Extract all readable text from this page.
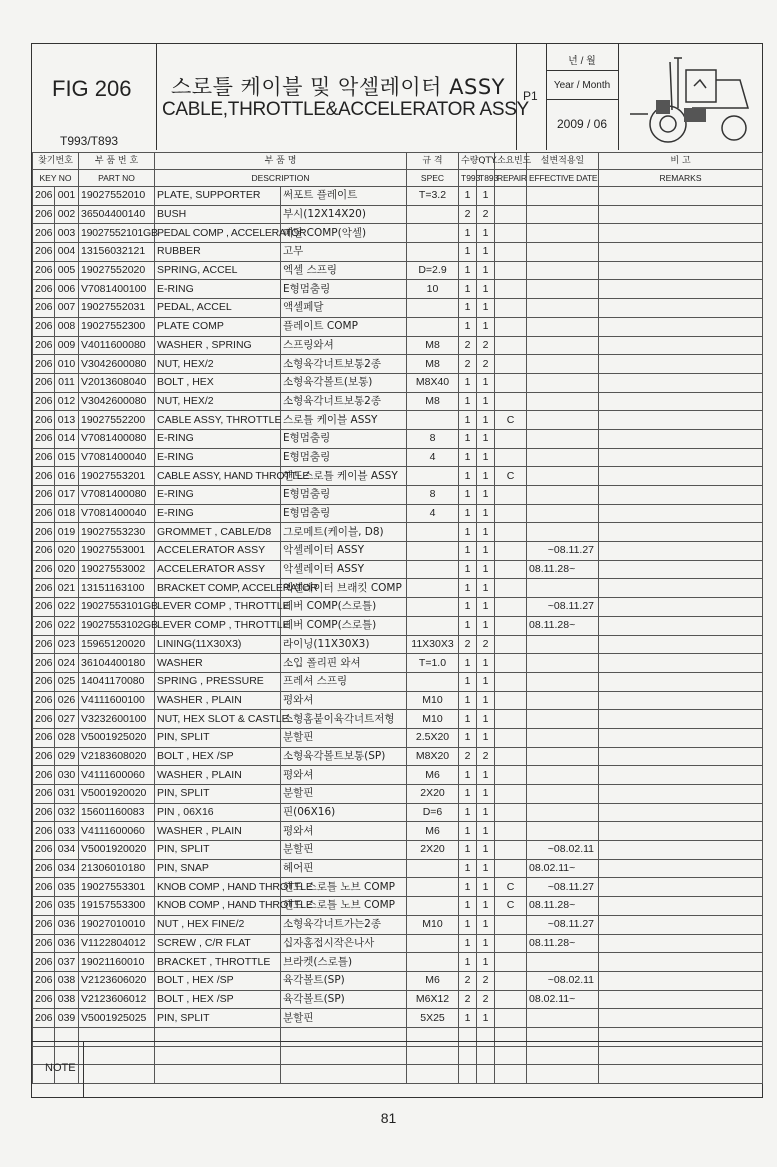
FIG 206
T993/T893
스로틀 케이블 및 악셀레이터 ASSY
CABLE,THROTTLE&ACCELERATOR ASSY
P1
년 / 월
Year / Month
2009 / 06
찾기번호		부 품 번 호	부 품 명		규 격	수량QTY.		소요빈도	설변적용일	비 고
KEY NO		PART NO	DESCRIPTION		SPEC	T993	T893	REPAIR	EFFECTIVE DATE	REMARKS
206	001	19027552010	PLATE, SUPPORTER	써포트 플레이트	T=3.2	1	1			
206	002	36504400140	BUSH	부시(12X14X20)		2	2			
206	003	19027552101GB	PEDAL COMP , ACCELERATOR	페달 COMP(악셀)		1	1			
206	004	13156032121	RUBBER	고무		1	1			
206	005	19027552020	SPRING, ACCEL	엑셀 스프링	D=2.9	1	1			
206	006	V7081400100	E-RING	E형멈춤링	10	1	1			
206	007	19027552031	PEDAL, ACCEL	액셀페달		1	1			
206	008	19027552300	PLATE COMP	플레이트 COMP		1	1			
206	009	V4011600080	WASHER , SPRING	스프링와셔	M8	2	2			
206	010	V3042600080	NUT, HEX/2	소형육각너트보통2종	M8	2	2			
206	011	V2013608040	BOLT , HEX	소형육각볼트(보통)	M8X40	1	1			
206	012	V3042600080	NUT, HEX/2	소형육각너트보통2종	M8	1	1			
206	013	19027552200	CABLE ASSY, THROTTLE	스로틀 케이블 ASSY		1	1	C		
206	014	V7081400080	E-RING	E형멈춤링	8	1	1			
206	015	V7081400040	E-RING	E형멈춤링	4	1	1			
206	016	19027553201	CABLE ASSY, HAND THROTTLE	핸드스로틀 케이블 ASSY		1	1	C		
206	017	V7081400080	E-RING	E형멈춤링	8	1	1			
206	018	V7081400040	E-RING	E형멈춤링	4	1	1			
206	019	19027553230	GROMMET , CABLE/D8	그로메트(케이블, D8)		1	1			
206	020	19027553001	ACCELERATOR ASSY	악셀레이터 ASSY		1	1		~08.11.27	
206	020	19027553002	ACCELERATOR ASSY	악셀레이터 ASSY		1	1		08.11.28~	
206	021	13151163100	BRACKET COMP, ACCELERATOR	엑셀레이터 브래킷 COMP		1	1			
206	022	19027553101GB	LEVER COMP , THROTTLE	레버 COMP(스로틀)		1	1		~08.11.27	
206	022	19027553102GB	LEVER COMP , THROTTLE	레버 COMP(스로틀)		1	1		08.11.28~	
206	023	15965120020	LINING(11X30X3)	라이닝(11X30X3)	11X30X3	2	2			
206	024	36104400180	WASHER	소입 폴리핀 와셔	T=1.0	1	1			
206	025	14041170080	SPRING , PRESSURE	프레셔 스프링		1	1			
206	026	V4111600100	WASHER , PLAIN	평와셔	M10	1	1			
206	027	V3232600100	NUT, HEX SLOT & CASTLE	소형홈붙이육각너트저형	M10	1	1			
206	028	V5001925020	PIN, SPLIT	분할핀	2.5X20	1	1			
206	029	V2183608020	BOLT , HEX /SP	소형육각볼트보통(SP)	M8X20	2	2			
206	030	V4111600060	WASHER , PLAIN	평와셔	M6	1	1			
206	031	V5001920020	PIN, SPLIT	분할핀	2X20	1	1			
206	032	15601160083	PIN , 06X16	핀(06X16)	D=6	1	1			
206	033	V4111600060	WASHER , PLAIN	평와셔	M6	1	1			
206	034	V5001920020	PIN, SPLIT	분할핀	2X20	1	1		~08.02.11	
206	034	21306010180	PIN, SNAP	헤어핀		1	1		08.02.11~	
206	035	19027553301	KNOB COMP , HAND THROTTLE	핸드 스로틀 노브 COMP		1	1	C	~08.11.27	
206	035	19157553300	KNOB COMP , HAND THROTTLE	핸드 스로틀 노브 COMP		1	1	C	08.11.28~	
206	036	19027010010	NUT , HEX FINE/2	소형육각너트가는2종	M10	1	1		~08.11.27	
206	036	V1122804012	SCREW , C/R FLAT	십자홈접시작은나사		1	1		08.11.28~	
206	037	19021160010	BRACKET , THROTTLE	브라켓(스로틀)		1	1			
206	038	V2123606020	BOLT , HEX /SP	육각볼트(SP)	M6	2	2		~08.02.11	
206	038	V2123606012	BOLT , HEX /SP	육각볼트(SP)	M6X12	2	2		08.02.11~	
206	039	V5001925025	PIN, SPLIT	분할핀	5X25	1	1			

NOTE
81
